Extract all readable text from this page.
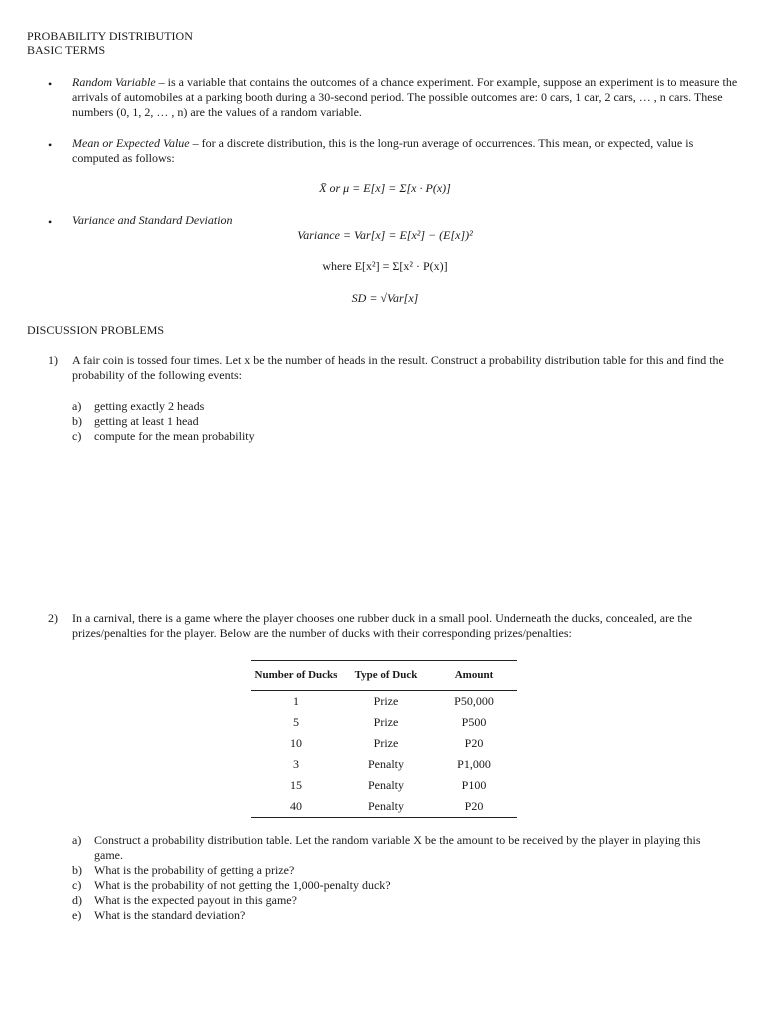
PROBABILITY DISTRIBUTION
BASIC TERMS
• Random Variable – is a variable that contains the outcomes of a chance experiment. For example, suppose an experiment is to measure the arrivals of automobiles at a parking booth during a 30-second period. The possible outcomes are: 0 cars, 1 car, 2 cars, … , n cars. These numbers (0, 1, 2, … , n) are the values of a random variable.
• Mean or Expected Value – for a discrete distribution, this is the long-run average of occurrences. This mean, or expected, value is computed as follows:
X̄ or μ = E[x] = Σ[x · P(x)]
• Variance and Standard Deviation
Variance = Var[x] = E[x²] − (E[x])²
where E[x²] = Σ[x² · P(x)]
SD = √Var[x]
DISCUSSION PROBLEMS
1) A fair coin is tossed four times. Let x be the number of heads in the result. Construct a probability distribution table for this and find the probability of the following events:
a) getting exactly 2 heads
b) getting at least 1 head
c) compute for the mean probability
2) In a carnival, there is a game where the player chooses one rubber duck in a small pool. Underneath the ducks, concealed, are the prizes/penalties for the player. Below are the number of ducks with their corresponding prizes/penalties:
Number of Ducks	Type of Duck	Amount
1	Prize	P50,000
5	Prize	P500
10	Prize	P20
3	Penalty	P1,000
15	Penalty	P100
40	Penalty	P20
a) Construct a probability distribution table. Let the random variable X be the amount to be received by the player in playing this game.
b) What is the probability of getting a prize?
c) What is the probability of not getting the 1,000-penalty duck?
d) What is the expected payout in this game?
e) What is the standard deviation?
